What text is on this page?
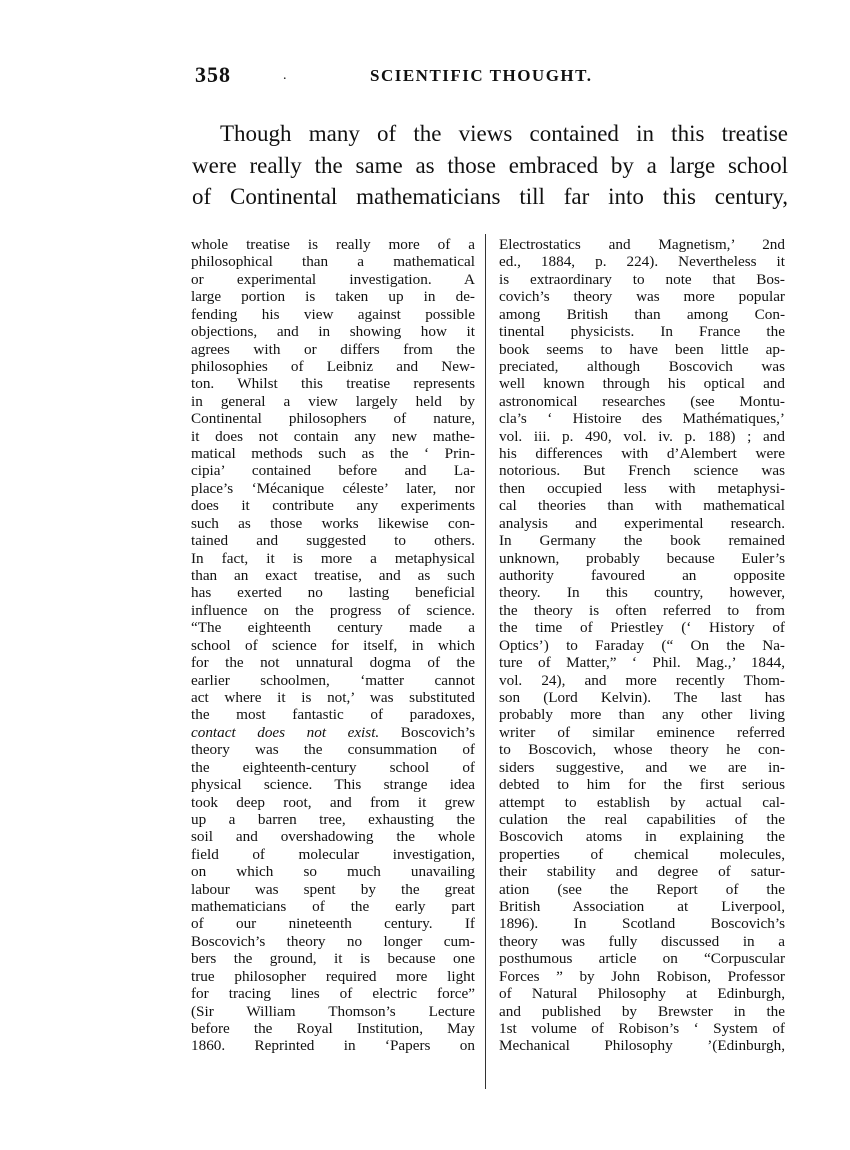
358	.	SCIENTIFIC THOUGHT.
Though many of the views contained in this treatise
were really the same as those embraced by a large school
of Continental mathematicians till far into this century,
whole treatise is really more of a
philosophical than a mathematical
or experimental investigation. A
large portion is taken up in de-
fending his view against possible
objections, and in showing how it
agrees with or differs from the
philosophies of Leibniz and New-
ton. Whilst this treatise represents
in general a view largely held by
Continental philosophers of nature,
it does not contain any new mathe-
matical methods such as the ‘ Prin-
cipia’ contained before and La-
place’s ‘Mécanique céleste’ later, nor
does it contribute any experiments
such as those works likewise con-
tained and suggested to others.
In fact, it is more a metaphysical
than an exact treatise, and as such
has exerted no lasting beneficial
influence on the progress of science.
“The eighteenth century made a
school of science for itself, in which
for the not unnatural dogma of the
earlier schoolmen, ‘matter cannot
act where it is not,’ was substituted
the most fantastic of paradoxes,
contact does not exist. Boscovich’s
theory was the consummation of
the eighteenth-century school of
physical science. This strange idea
took deep root, and from it grew
up a barren tree, exhausting the
soil and overshadowing the whole
field of molecular investigation,
on which so much unavailing
labour was spent by the great
mathematicians of the early part
of our nineteenth century. If
Boscovich’s theory no longer cum-
bers the ground, it is because one
true philosopher required more light
for tracing lines of electric force”
(Sir William Thomson’s Lecture
before the Royal Institution, May
1860. Reprinted in ‘Papers on
Electrostatics and Magnetism,’ 2nd
ed., 1884, p. 224). Nevertheless it
is extraordinary to note that Bos-
covich’s theory was more popular
among British than among Con-
tinental physicists. In France the
book seems to have been little ap-
preciated, although Boscovich was
well known through his optical and
astronomical researches (see Montu-
cla’s ‘ Histoire des Mathématiques,’
vol. iii. p. 490, vol. iv. p. 188) ; and
his differences with d’Alembert were
notorious. But French science was
then occupied less with metaphysi-
cal theories than with mathematical
analysis and experimental research.
In Germany the book remained
unknown, probably because Euler’s
authority favoured an opposite
theory. In this country, however,
the theory is often referred to from
the time of Priestley (‘ History of
Optics’) to Faraday (“ On the Na-
ture of Matter,” ‘ Phil. Mag.,’ 1844,
vol. 24), and more recently Thom-
son (Lord Kelvin). The last has
probably more than any other living
writer of similar eminence referred
to Boscovich, whose theory he con-
siders suggestive, and we are in-
debted to him for the first serious
attempt to establish by actual cal-
culation the real capabilities of the
Boscovich atoms in explaining the
properties of chemical molecules,
their stability and degree of satur-
ation (see the Report of the
British Association at Liverpool,
1896). In Scotland Boscovich’s
theory was fully discussed in a
posthumous article on “Corpuscular
Forces ” by John Robison, Professor
of Natural Philosophy at Edinburgh,
and published by Brewster in the
1st volume of Robison’s ‘ System of
Mechanical Philosophy ’(Edinburgh,
